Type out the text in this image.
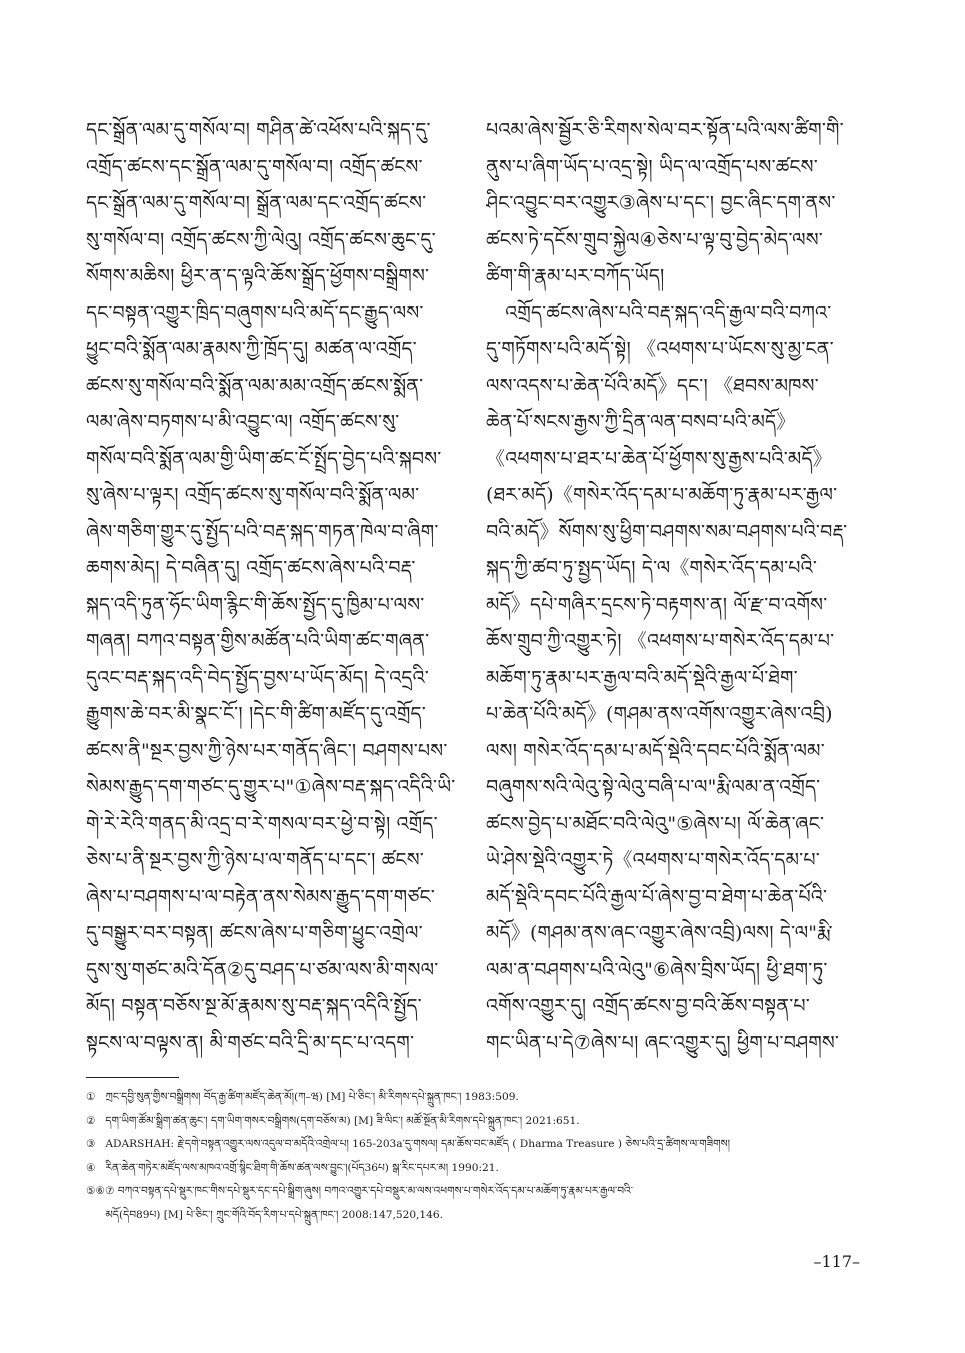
དང་སྒྲོན་ལམ་དུ་གསོལ་བ། གཤིན་ཚེ་འཕོས་པའི་སྐད་དུ་
འགྲོད་ཚངས་དང་སྒྲོན་ལམ་དུ་གསོལ་བ། འགྲོད་ཚངས་
དང་སྒྲོན་ལམ་དུ་གསོལ་བ། སྒྲོན་ལམ་དང་འགྲོད་ཚངས་
སུ་གསོལ་བ། འགྲོད་ཚངས་ཀྱི་ལེའུ། འགྲོད་ཚངས་ཆུང་དུ་
སོགས་མཆིས། ཕྱིར་ན་ད་ལྟའི་ཆོས་སྒྲོད་ཕྱོགས་བསྒྲིགས་
དང་བསྟན་འགྱུར་ཁྲིད་བཞུགས་པའི་མདོ་དང་རྒྱུད་ལས་
ཕྱུང་བའི་སྨོན་ལམ་རྣམས་ཀྱི་ཁྲོད་དུ། མཚན་ལ་འགྲོད་
ཚངས་སུ་གསོལ་བའི་སྨོན་ལམ་མམ་འགྲོད་ཚངས་སྨོན་
ལམ་ཞེས་བཏགས་པ་མི་འབྱུང་ལ། འགྲོད་ཚངས་སུ་
གསོལ་བའི་སྨོན་ལམ་གྱི་ཡིག་ཚང་ངོ་སྤྲོད་བྱེད་པའི་སྐབས་
སུ་ཞེས་པ་ལྟར། འགྲོད་ཚངས་སུ་གསོལ་བའི་སྨོན་ལམ་
ཞེས་གཅིག་གྱུར་དུ་སྤྱོད་པའི་བརྡ་སྐད་གཏན་ཁེལ་བ་ཞིག་
ཆགས་མེད། དེ་བཞིན་དུ། འགྲོད་ཚངས་ཞེས་པའི་བརྡ་
སྐད་འདི་ཏུན་ཧོང་ཡིག་རྙིང་གི་ཆོས་སྤྱོད་དུ་ཁྱིམ་པ་ལས་
གཞན། བཀའ་བསྟན་གྱིས་མཚོན་པའི་ཡིག་ཚང་གཞན་
དུའང་བརྡ་སྐད་འདི་བེད་སྤྱོད་བྱས་པ་ཡོད་མོད། དེ་འདྲའི་
རྒྱུགས་ཆེ་བར་མི་སྣང་ངོ་། །དེང་གི་ཚིག་མཛོད་དུ་འགྲོད་
ཚངས་ནི"སྔར་བྱས་ཀྱི་ཉེས་པར་གནོད་ཞིང་། བཤགས་པས་
སེམས་རྒྱུད་དག་གཙང་དུ་གྱུར་པ"①ཞེས་བརྡ་སྐད་འདིའི་ཡི་
གེ་རེ་རེའི་གནད་མི་འདྲ་བ་རེ་གསལ་བར་ཕྱེ་བ་སྟེ། འགྲོད་
ཅེས་པ་ནི་སྔར་བྱས་ཀྱི་ཉེས་པ་ལ་གནོད་པ་དང་། ཚངས་
ཞེས་པ་བཤགས་པ་ལ་བརྟེན་ནས་སེམས་རྒྱུད་དག་གཙང་
དུ་བསྒྱུར་བར་བསྟན། ཚངས་ཞེས་པ་གཅིག་ཕྱུང་འགྲེལ་
དུས་སུ་གཙང་མའི་དོན②དུ་བཤད་པ་ཙམ་ལས་མི་གསལ་
མོད། བསྟན་བཅོས་སྔ་མོ་རྣམས་སུ་བརྡ་སྐད་འདིའི་སྤྱོད་
སྟངས་ལ་བལྟས་ན། མི་གཙང་བའི་དྲི་མ་དང་པ་འདག་
པའམ་ཞེས་སྦྱོར་ཅི་རིགས་སེལ་བར་སྟོན་པའི་ལས་ཚིག་གི་
ནུས་པ་ཞིག་ཡོད་པ་འདྲ་སྟེ། ཡིད་ལ་འགྲོད་པས་ཚངས་
ཤིང་འབྱུང་བར་འགྱུར③ཞེས་པ་དང་། བྱང་ཞིང་དག་ནས་
ཚངས་ཏེ་དངོས་གྲུབ་སྐྱེལ④ཅེས་པ་ལྟ་བུ་བྱེད་མེད་ལས་
ཚིག་གི་རྣམ་པར་བཀོད་ཡོད།
　འགྲོད་ཚངས་ཞེས་པའི་བརྡ་སྐད་འདི་རྒྱལ་བའི་བཀའ་
དུ་གཏོགས་པའི་མདོ་སྟེ། 《འཕགས་པ་ཡོངས་སུ་མྱ་ངན་
ལས་འདས་པ་ཆེན་པོའི་མདོ》དང་། 《ཐབས་མཁས་
ཆེན་པོ་སངས་རྒྱས་ཀྱི་དྲིན་ལན་བསབ་པའི་མདོ》
《འཕགས་པ་ཐར་པ་ཆེན་པོ་ཕྱོགས་སུ་རྒྱས་པའི་མདོ》
(ཐར་མདོ)《གསེར་འོད་དམ་པ་མཆོག་ཏུ་རྣམ་པར་རྒྱལ་
བའི་མདོ》སོགས་སུ་ཕྱིག་བཤགས་སམ་བཤགས་པའི་བརྡ་
སྐད་ཀྱི་ཚབ་ཏུ་སྤྱད་ཡོད། དེ་ལ《གསེར་འོད་དམ་པའི་
མདོ》དཔེ་གཞིར་དྲངས་ཏེ་བརྟགས་ན། ལོ་རྫ་བ་འགོས་
ཆོས་གྲུབ་ཀྱི་འགྱུར་ཏེ། 《འཕགས་པ་གསེར་འོད་དམ་པ་
མཆོག་ཏུ་རྣམ་པར་རྒྱལ་བའི་མདོ་སྡེའི་རྒྱལ་པོ་ཐེག་
པ་ཆེན་པོའི་མདོ》(གཤམ་ནས་འགོས་འགྱུར་ཞེས་འབྲི)
ལས། གསེར་འོད་དམ་པ་མདོ་སྡེའི་དབང་པོའི་སྨོན་ལམ་
བཞུགས་སའི་ལེའུ་སྟེ་ལེའུ་བཞི་པ་ལ"རྨི་ལམ་ན་འགྲོད་
ཚངས་བྱེད་པ་མཐོང་བའི་ལེའུ"⑤ཞེས་པ། ལོ་ཆེན་ཞང་
ཡེ་ཤེས་སྡེའི་འགྱུར་ཏེ《འཕགས་པ་གསེར་འོད་དམ་པ་
མདོ་སྡེའི་དབང་པོའི་རྒྱལ་པོ་ཞེས་བྱ་བ་ཐེག་པ་ཆེན་པོའི་
མདོ》(གཤམ་ནས་ཞང་འགྱུར་ཞེས་འབྲི)ལས། དེ་ལ"རྨི་
ལམ་ན་བཤགས་པའི་ལེའུ"⑥ཞེས་བྲིས་ཡོད། ཕྱི་ཐག་ཏུ་
འགོས་འགྱུར་དུ། འགྲོད་ཚངས་བྱ་བའི་ཆོས་བསྟན་པ་
གང་ཡིན་པ་དེ⑦ཞེས་པ། ཞང་འགྱུར་དུ། ཕྱིག་པ་བཤགས་
① ཀྲང་དབྱི་སུན་གྱིས་བསྒྲིགས། བོད་རྒྱ་ཚིག་མཛོད་ཆེན་མོ།(ཀ–ཝ) [M] པེ་ཅིང་། མི་རིགས་དཔེ་སྐྲུན་ཁང་། 1983:509.
② དག་ཡིག་ཚོམ་སྒྲིག་ཚན་ཆུང་། དག་ཡིག་གསར་བསྒྲིགས(དག་བཅོས་མ) [M] ཟི་ལིང་། མཚོ་སྔོན་མི་རིགས་དཔེ་སྐྲུན་ཁང་། 2021:651.
③ ADARSHAH: རྗེ་དགེ་བསྟན་འགྱུར་ལས་འདུལ་བ་མདོའི་འགྲེལ་པ། 165-203a་དུ་གསལ། དམ་ཆོས་བང་མཛོད ( Dharma Treasure ) ཅེས་པའི་དྲ་ཚིགས་ལ་གཟིགས།
④ རིན་ཆེན་གཏེར་མཛོད་ལས་མཁའ་འགྲོ་སྙིང་ཐིག་གི་ཆོས་ཚན་ལས་བྱུང་།(པོད36པ) སྒ་རིང་དཔར་མ། 1990:21.
⑤⑥⑦ བཀའ་བསྟན་དཔེ་སྡུར་ཁང་གིས་དཔེ་སྡུར་དང་དཔེ་སྒྲིག་ཞུས། བཀའ་འགྱུར་དཔེ་བསྡུར་མ་ལས་འཕགས་པ་གསེར་འོད་དམ་པ་མཆོག་ཏུ་རྣམ་པར་རྒྱལ་བའི་
མདོ(དེབ89པ) [M] པེ་ཅིང་། ཀྲུང་གོའི་བོད་རིག་པ་དཔེ་སྐྲུན་ཁང་། 2008:147,520,146.
–117–
